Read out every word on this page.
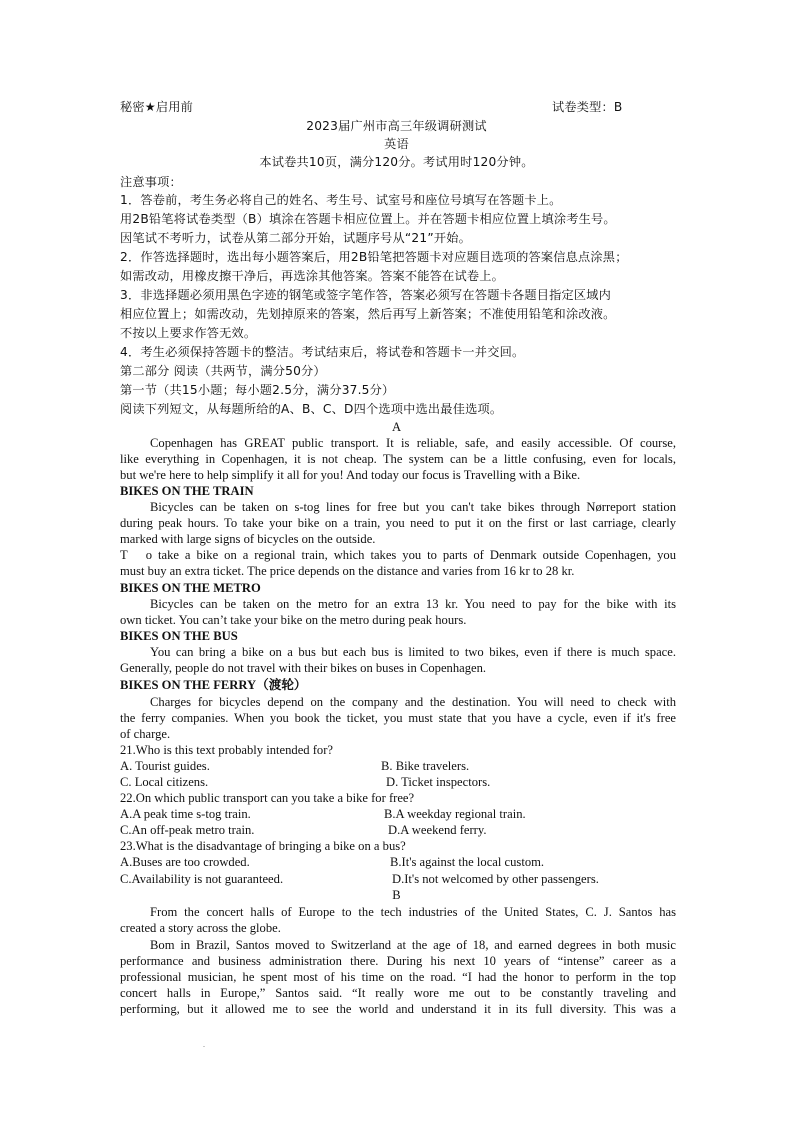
秘密★启用前	试卷类型：B
2023届广州市高三年级调研测试
英语
本试卷共10页，满分120分。考试用时120分钟。
注意事项：
1．答卷前，考生务必将自己的姓名、考生号、试室号和座位号填写在答题卡上。
用2B铅笔将试卷类型（B）填涂在答题卡相应位置上。并在答题卡相应位置上填涂考生号。
因笔试不考听力，试卷从第二部分开始，试题序号从“21”开始。
2．作答选择题时，选出每小题答案后，用2B铅笔把答题卡对应题目选项的答案信息点涂黑；
如需改动，用橡皮擦干净后，再选涂其他答案。答案不能答在试卷上。
3．非选择题必须用黑色字迹的钢笔或签字笔作答，答案必须写在答题卡各题目指定区域内
相应位置上；如需改动，先划掉原来的答案，然后再写上新答案；不准使用铅笔和涂改液。
不按以上要求作答无效。
4．考生必须保持答题卡的整洁。考试结束后，将试卷和答题卡一并交回。
第二部分 阅读（共两节，满分50分）
第一节（共15小题；每小题2.5分，满分37.5分）
阅读下列短文，从每题所给的A、B、C、D四个选项中选出最佳选项。
A
Copenhagen has GREAT public transport. It is reliable, safe, and easily accessible. Of course,
like everything in Copenhagen, it is not cheap. The system can be a little confusing, even for locals,
but we're here to help simplify it all for you! And today our focus is Travelling with a Bike.
BIKES ON THE TRAIN
Bicycles can be taken on s-tog lines for free but you can't take bikes through Nørreport station
during peak hours. To take your bike on a train, you need to put it on the first or last carriage, clearly
marked with large signs of bicycles on the outside.
T　o take a bike on a regional train, which takes you to parts of Denmark outside Copenhagen, you
must buy an extra ticket. The price depends on the distance and varies from 16 kr to 28 kr.
BIKES ON THE METRO
Bicycles can be taken on the metro for an extra 13 kr. You need to pay for the bike with its
own ticket. You can’t take your bike on the metro during peak hours.
BIKES ON THE BUS
You can bring a bike on a bus but each bus is limited to two bikes, even if there is much space.
Generally, people do not travel with their bikes on buses in Copenhagen.
BIKES ON THE FERRY（渡轮）
Charges for bicycles depend on the company and the destination. You will need to check with
the ferry companies. When you book the ticket, you must state that you have a cycle, even if it's free
of charge.
21.Who is this text probably intended for?
A. Tourist guides.	B. Bike travelers.
C. Local citizens.	D. Ticket inspectors.
22.On which public transport can you take a bike for free?
A.A peak time s-tog train.	B.A weekday regional train.
C.An off-peak metro train.	D.A weekend ferry.
23.What is the disadvantage of bringing a bike on a bus?
A.Buses are too crowded.	B.It's against the local custom.
C.Availability is not guaranteed.	D.It's not welcomed by other passengers.
B
From the concert halls of Europe to the tech industries of the United States, C. J. Santos has
created a story across the globe.
Bom in Brazil, Santos moved to Switzerland at the age of 18, and earned degrees in both music
performance and business administration there. During his next 10 years of “intense” career as a
professional musician, he spent most of his time on the road. “I had the honor to perform in the top
concert halls in Europe,” Santos said. “It really wore me out to be constantly traveling and
performing, but it allowed me to see the world and understand it in its full diversity. This was a
.
